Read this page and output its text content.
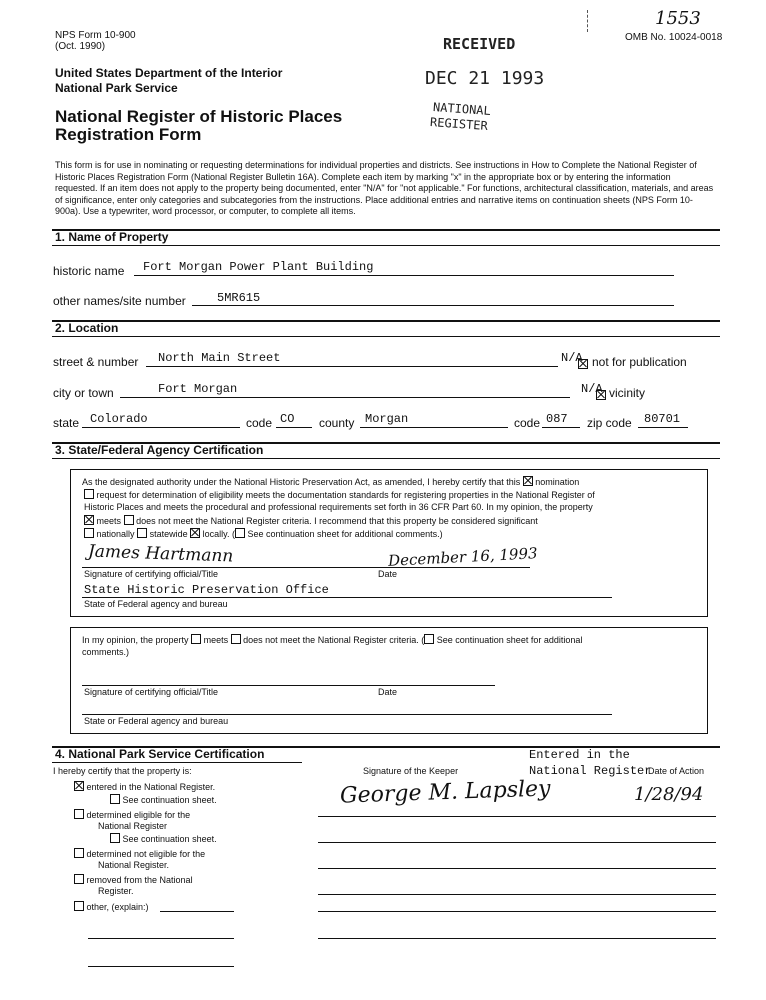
NPS Form 10-900
(Oct. 1990)
OMB No. 10024-0018
1553
United States Department of the Interior
National Park Service
National Register of Historic Places
Registration Form
RECEIVED
DEC 21 1993
NATIONAL
REGISTER
This form is for use in nominating or requesting determinations for individual properties and districts. See instructions in How to Complete the National Register of Historic Places Registration Form (National Register Bulletin 16A). Complete each item by marking "x" in the appropriate box or by entering the information requested. If an item does not apply to the property being documented, enter "N/A" for "not applicable." For functions, architectural classification, materials, and areas of significance, enter only categories and subcategories from the instructions. Place additional entries and narrative items on continuation sheets (NPS Form 10-900a). Use a typewriter, word processor, or computer, to complete all items.
1. Name of Property
historic name Fort Morgan Power Plant Building
other names/site number	5MR615
2. Location
street & number North Main Street	N/A not for publication
city or town	Fort Morgan	N/A vicinity
state Colorado	code CO county Morgan	code 087 zip code 80701
3. State/Federal Agency Certification
As the designated authority under the National Historic Preservation Act, as amended, I hereby certify that this nomination
request for determination of eligibility meets the documentation standards for registering properties in the National Register of
Historic Places and meets the procedural and professional requirements set forth in 36 CFR Part 60. In my opinion, the property
meets does not meet the National Register criteria. I recommend that this property be considered significant
nationally statewide locally. ( See continuation sheet for additional comments.)
James Hartmann	December 16, 1993
Signature of certifying official/Title	Date
State Historic Preservation Office
State of Federal agency and bureau
In my opinion, the property meets does not meet the National Register criteria. ( See continuation sheet for additional
comments.)
Signature of certifying official/Title	Date
State or Federal agency and bureau
4. National Park Service Certification	Entered in the
National Register
I hereby certify that the property is:	Signature of the Keeper	Date of Action
George M. Lapsley	1/28/94
entered in the National Register.
See continuation sheet.
determined eligible for the
National Register
See continuation sheet.
determined not eligible for the
National Register.
removed from the National
Register.
other, (explain:)
